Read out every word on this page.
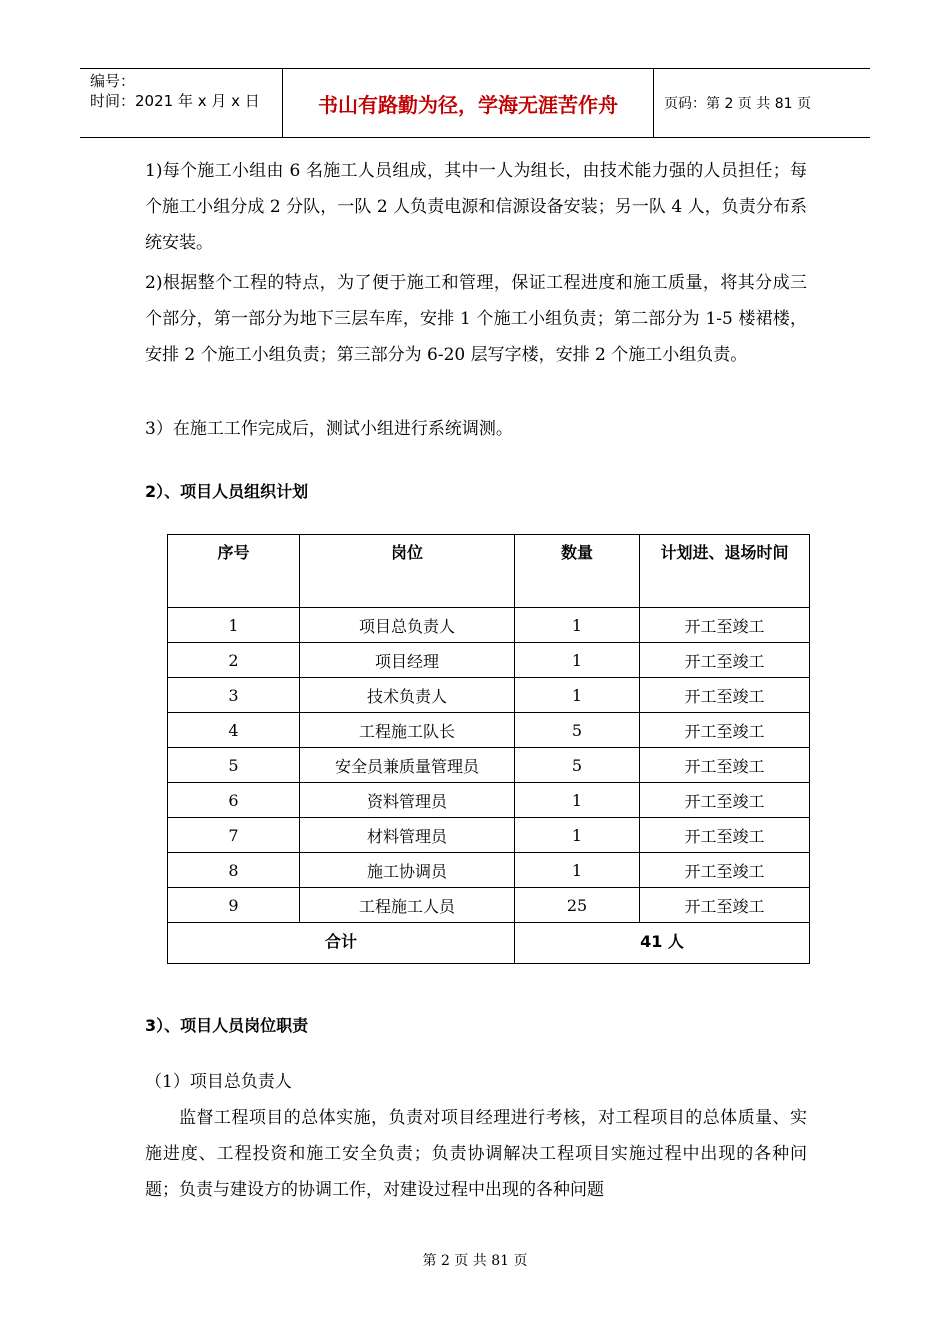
编号：
时间：2021 年 x 月 x 日	书山有路勤为径，学海无涯苦作舟	页码：第 2 页 共 81 页

1)每个施工小组由 6 名施工人员组成，其中一人为组长，由技术能力强的人员担任；每个施工小组分成 2 分队，一队 2 人负责电源和信源设备安装；另一队 4 人，负责分布系统安装。

2)根据整个工程的特点，为了便于施工和管理，保证工程进度和施工质量，将其分成三个部分，第一部分为地下三层车库，安排 1 个施工小组负责；第二部分为 1-5 楼裙楼，安排 2 个施工小组负责；第三部分为 6-20 层写字楼，安排 2 个施工小组负责。

3）在施工工作完成后，测试小组进行系统调测。

2）、项目人员组织计划
序号	岗位	数量	计划进、退场时间
1	项目总负责人	1	开工至竣工
2	项目经理	1	开工至竣工
3	技术负责人	1	开工至竣工
4	工程施工队长	5	开工至竣工
5	安全员兼质量管理员	5	开工至竣工
6	资料管理员	1	开工至竣工
7	材料管理员	1	开工至竣工
8	施工协调员	1	开工至竣工
9	工程施工人员	25	开工至竣工
合计		41 人	
3）、项目人员岗位职责

（1）项目总负责人

监督工程项目的总体实施，负责对项目经理进行考核，对工程项目的总体质量、实施进度、工程投资和施工安全负责；负责协调解决工程项目实施过程中出现的各种问题；负责与建设方的协调工作，对建设过程中出现的各种问题

第 2 页 共 81 页
